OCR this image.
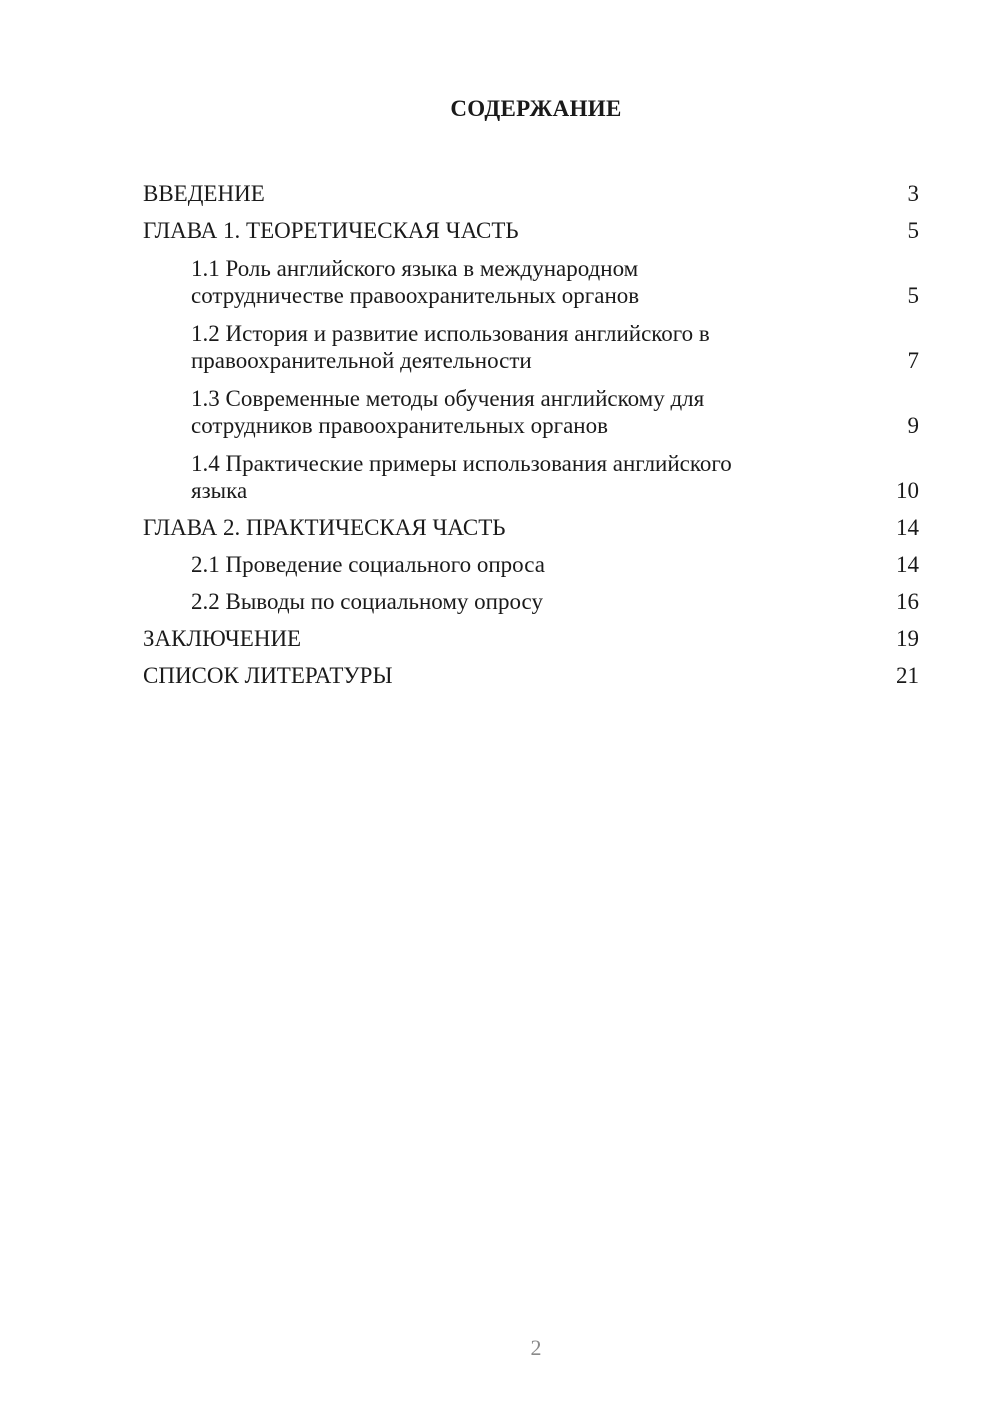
СОДЕРЖАНИЕ
ВВЕДЕНИЕ	3
ГЛАВА 1. ТЕОРЕТИЧЕСКАЯ ЧАСТЬ	5
1.1 Роль английского языка в международном сотрудничестве правоохранительных органов	5
1.2 История и развитие использования английского в правоохранительной деятельности	7
1.3 Современные методы обучения английскому для сотрудников правоохранительных органов	9
1.4 Практические примеры использования английского языка	10
ГЛАВА 2. ПРАКТИЧЕСКАЯ ЧАСТЬ	14
2.1 Проведение социального опроса	14
2.2 Выводы по социальному опросу	16
ЗАКЛЮЧЕНИЕ	19
СПИСОК ЛИТЕРАТУРЫ	21
2
